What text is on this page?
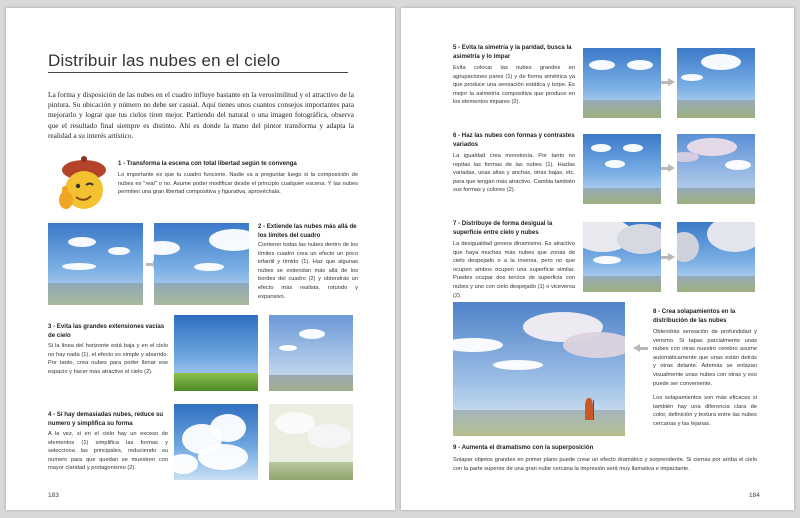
Distribuir las nubes en el cielo
La forma y disposición de las nubes en el cuadro influye bastante en la verosimilitud y el atractivo de la pintura. Su ubicación y número no debe ser casual. Aquí tienes unos cuantos consejos importantes para mejorarlo y lograr que tus cielos tiren mejor. Partiendo del natural o una imagen fotográfica, observa que el resultado final siempre es distinto. Ahí es donde la mano del pintor transforma y adapta la realidad a su interés artístico.
1 - Transforma la escena con total libertad según te convenga
Lo importante es que tu cuadro funcione. Nadie va a preguntar luego si la composición de nubes es "real" o no. Asume poder modificar desde el principio cualquier escena. Y las nubes permiten una gran libertad compositiva y figurativa, aprovéchala.
2 - Extiende las nubes más allá de los límites del cuadro
Contener todas las nubes dentro de los límites cuadro crea un efecto un poco infantil y tímido (1). Haz que algunas nubes se extiendan más allá de los bordes del cuadro (2) y obtendrás un efecto más realista, rotundo y expansivo.
3 - Evita las grandes extensiones vacías de cielo
Si la línea del horizonte está baja y en el cielo no hay nada (1), el efecto es simple y aburrido. Por tanto, crea nubes para poder llenar ese espacio y hacer más atractivo el cielo (2).
4 - Si hay demasiadas nubes, reduce su numero y simplifica su forma
A la vez, si en el cielo hay un exceso de elementos (1) simplifica las formas y selecciona las principales, reduciendo su numero para que quedan se muestren con mayor claridad y protagonismo (2).
183
5 - Evita la simetría y la paridad, busca la asimetría y lo impar
Evita colocar las nubes grandes en agrupaciones pares (1) y de forma simétrica ya que produce una sensación estática y torpe. Es mejor la asimetría compositiva que produce en los elementos impares (2).
6 - Haz las nubes con formas y contrastes variados
La igualdad crea monotonía. Por tanto no repitas las formas de las nubes (1). Hazlas variadas, unas altas y anchas, otras bajas, etc. para que tengan más atractivo. Cambia también sus formas y colores (2).
7 - Distribuye de forma desigual la superficie entre cielo y nubes
La desigualdad genera dinamismo. Es atractivo que haya muchas más nubes que zonas de cielo despejado o a la inversa, pero no que ocupen ambos ocupen una superficie similar. Puedes ocupar dos tercios de superficie con nubes y uno con cielo despejado (1) o viceversa (2).
8 - Crea solapamientos en la distribución de las nubes
Obtendrás sensación de profundidad y verismo. Si tapas parcialmente unas nubes con otras nuestro cerebro asume automáticamente que unas están detrás y otras delante. Además se enlazan visualmente unas nubes con otras y eso puede ser conveniente.
Los solapamientos son más eficaces si también hay una diferencia clara de color, definición y textura entre las nubes cercanas y las lejanas.
9 - Aumenta el dramatismo con la superposición
Solapar objetos grandes en primer plano puede crear un efecto dramático y sorprendente. Si cierras por arriba el cielo con la parte superior de una gran nube cercana la impresión será muy llamativa e impactante.
184
